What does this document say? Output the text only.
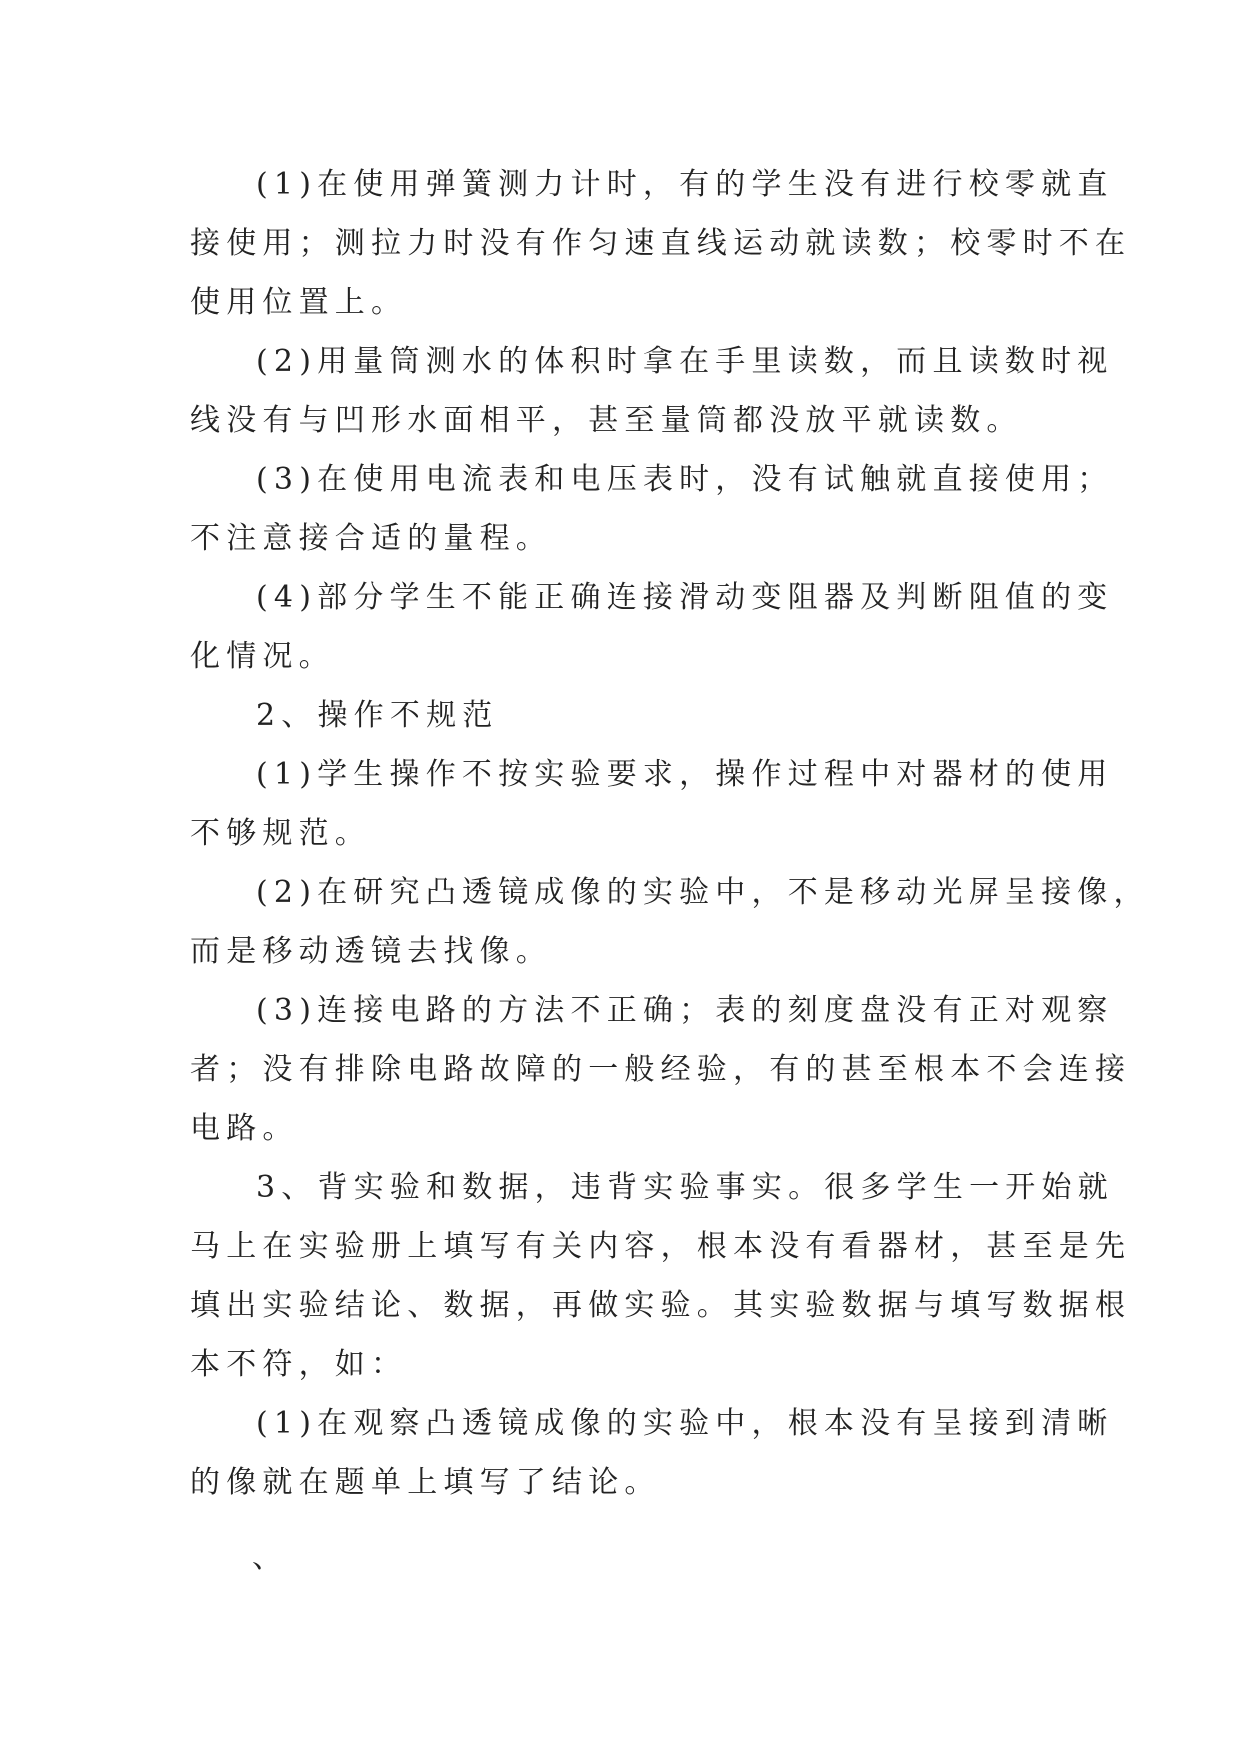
(1)在使用弹簧测力计时，有的学生没有进行校零就直
接使用；测拉力时没有作匀速直线运动就读数；校零时不在
使用位置上。

(2)用量筒测水的体积时拿在手里读数，而且读数时视
线没有与凹形水面相平，甚至量筒都没放平就读数。

(3)在使用电流表和电压表时，没有试触就直接使用；
不注意接合适的量程。

(4)部分学生不能正确连接滑动变阻器及判断阻值的变
化情况。

2、操作不规范

(1)学生操作不按实验要求，操作过程中对器材的使用
不够规范。

(2)在研究凸透镜成像的实验中，不是移动光屏呈接像，
而是移动透镜去找像。

(3)连接电路的方法不正确；表的刻度盘没有正对观察
者；没有排除电路故障的一般经验，有的甚至根本不会连接
电路。

3、背实验和数据，违背实验事实。很多学生一开始就
马上在实验册上填写有关内容，根本没有看器材，甚至是先
填出实验结论、数据，再做实验。其实验数据与填写数据根
本不符，如：

(1)在观察凸透镜成像的实验中，根本没有呈接到清晰
的像就在题单上填写了结论。

、
